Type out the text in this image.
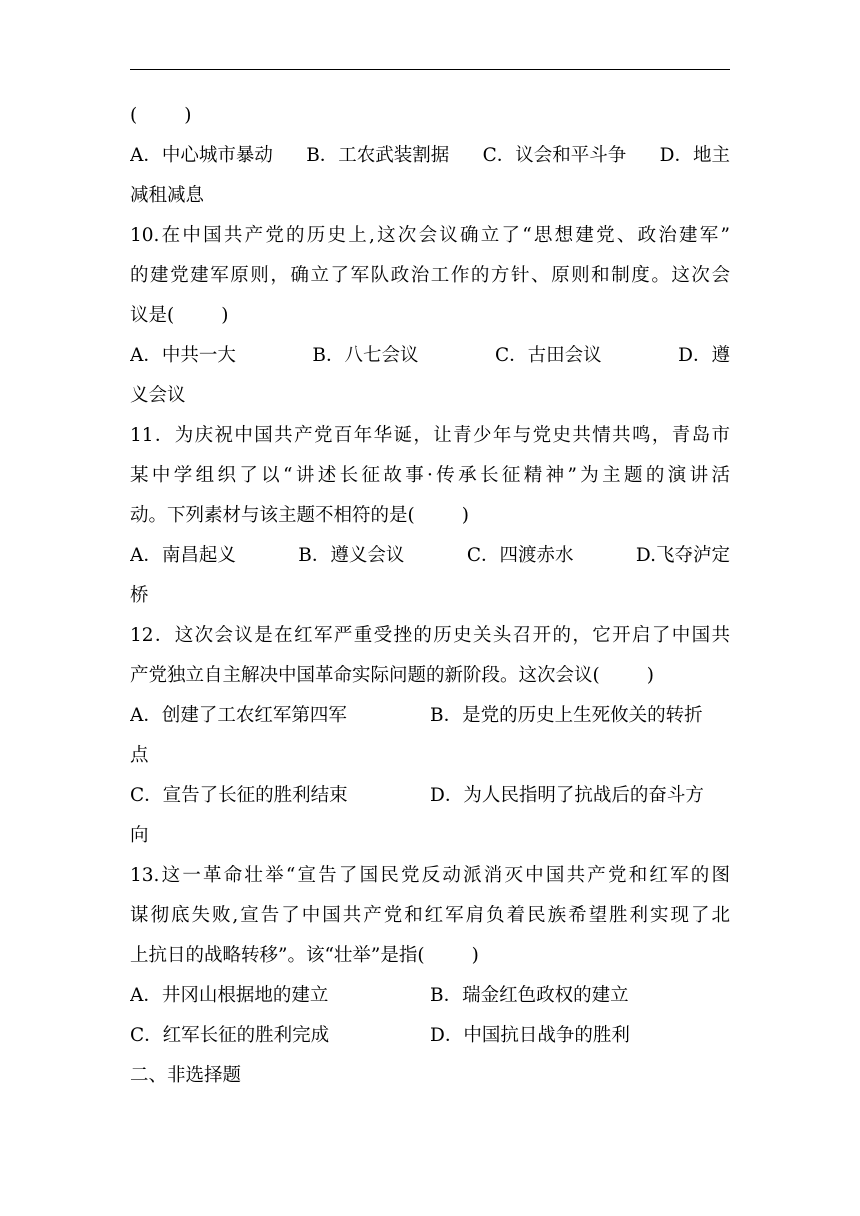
(        )
A．中心城市暴动 B．工农武装割据 C．议会和平斗争 D．地主
减租减息
10.在中国共产党的历史上,这次会议确立了“思想建党、政治建军”
的建党建军原则，确立了军队政治工作的方针、原则和制度。这次会
议是(        )
A．中共一大	B．八七会议	C．古田会议	D．遵
义会议
11．为庆祝中国共产党百年华诞，让青少年与党史共情共鸣，青岛市
某中学组织了以“讲述长征故事·传承长征精神”为主题的演讲活
动。下列素材与该主题不相符的是(        )
A．南昌起义	B．遵义会议	C．四渡赤水	D.飞夺泸定
桥
12．这次会议是在红军严重受挫的历史关头召开的，它开启了中国共
产党独立自主解决中国革命实际问题的新阶段。这次会议(        )
A．创建了工农红军第四军	B．是党的历史上生死攸关的转折
点
C．宣告了长征的胜利结束	D．为人民指明了抗战后的奋斗方
向
13.这一革命壮举“宣告了国民党反动派消灭中国共产党和红军的图
谋彻底失败,宣告了中国共产党和红军肩负着民族希望胜利实现了北
上抗日的战略转移”。该“壮举”是指(        )
A．井冈山根据地的建立	B．瑞金红色政权的建立
C．红军长征的胜利完成	D．中国抗日战争的胜利
二、非选择题
